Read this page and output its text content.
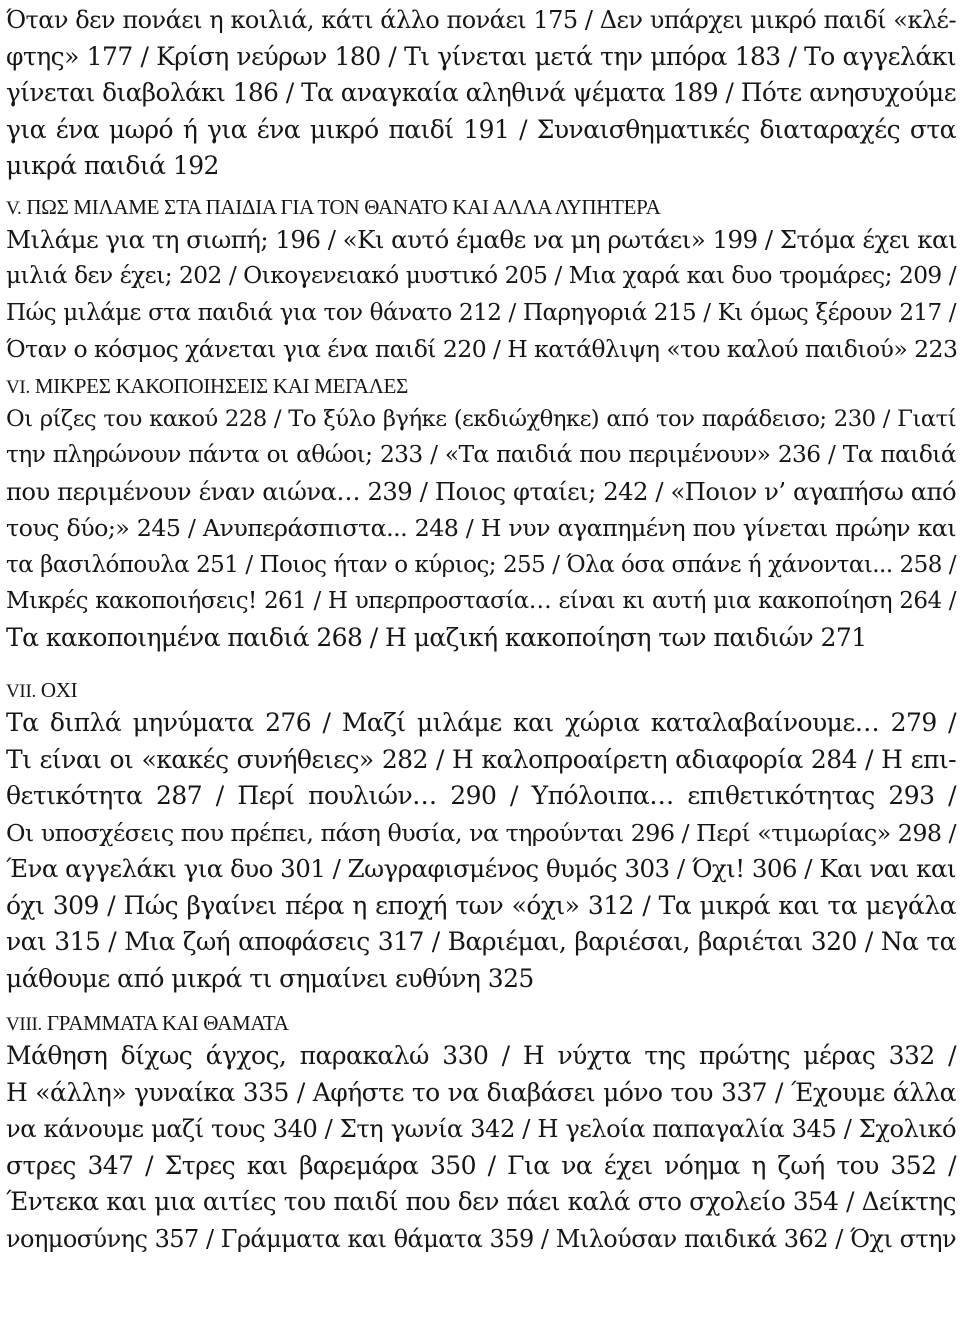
Όταν δεν πονάει η κοιλιά, κάτι άλλο πονάει 175 / Δεν υπάρχει μικρό παιδί «κλέ-
φτης» 177 / Κρίση νεύρων 180 / Τι γίνεται μετά την μπόρα 183 / Το αγγελάκι
γίνεται διαβολάκι 186 / Τα αναγκαία αληθινά ψέματα 189 / Πότε ανησυχούμε
για ένα μωρό ή για ένα μικρό παιδί 191 / Συναισθηματικές διαταραχές στα
μικρά παιδιά 192
V. ΠΩΣ ΜΙΛΑΜΕ ΣΤΑ ΠΑΙΔΙΑ ΓΙΑ ΤΟΝ ΘΑΝΑΤΟ ΚΑΙ ΑΛΛΑ ΛΥΠΗΤΕΡΑ
Μιλάμε για τη σιωπή; 196 / «Κι αυτό έμαθε να μη ρωτάει» 199 / Στόμα έχει και
μιλιά δεν έχει; 202 / Οικογενειακό μυστικό 205 / Μια χαρά και δυο τρομάρες; 209 /
Πώς μιλάμε στα παιδιά για τον θάνατο 212 / Παρηγοριά 215 / Κι όμως ξέρουν 217 /
Όταν ο κόσμος χάνεται για ένα παιδί 220 / Η κατάθλιψη «του καλού παιδιού» 223
VI. ΜΙΚΡΕΣ ΚΑΚΟΠΟΙΗΣΕΙΣ ΚΑΙ ΜΕΓΑΛΕΣ
Οι ρίζες του κακού 228 / Το ξύλο βγήκε (εκδιώχθηκε) από τον παράδεισο; 230 / Γιατί
την πληρώνουν πάντα οι αθώοι; 233 / «Τα παιδιά που περιμένουν» 236 / Τα παιδιά
που περιμένουν έναν αιώνα… 239 / Ποιος φταίει; 242 / «Ποιον ν’ αγαπήσω από
τους δύο;» 245 / Ανυπεράσπιστα... 248 / Η νυν αγαπημένη που γίνεται πρώην και
τα βασιλόπουλα 251 / Ποιος ήταν ο κύριος; 255 / Όλα όσα σπάνε ή χάνονται... 258 /
Μικρές κακοποιήσεις! 261 / Η υπερπροστασία… είναι κι αυτή μια κακοποίηση 264 /
Τα κακοποιημένα παιδιά 268 / Η μαζική κακοποίηση των παιδιών 271
VII. ΟΧΙ
Τα διπλά μηνύματα 276 / Μαζί μιλάμε και χώρια καταλαβαίνουμε… 279 /
Τι είναι οι «κακές συνήθειες» 282 / Η καλοπροαίρετη αδιαφορία 284 / Η επι-
θετικότητα 287 / Περί πουλιών… 290 / Υπόλοιπα… επιθετικότητας 293 /
Οι υποσχέσεις που πρέπει, πάση θυσία, να τηρούνται 296 / Περί «τιμωρίας» 298 /
Ένα αγγελάκι για δυο 301 / Ζωγραφισμένος θυμός 303 / Όχι! 306 / Και ναι και
όχι 309 / Πώς βγαίνει πέρα η εποχή των «όχι» 312 / Τα μικρά και τα μεγάλα
ναι 315 / Μια ζωή αποφάσεις 317 / Βαριέμαι, βαριέσαι, βαριέται 320 / Να τα
μάθουμε από μικρά τι σημαίνει ευθύνη 325
VIII. ΓΡΑΜΜΑΤΑ ΚΑΙ ΘΑΜΑΤΑ
Μάθηση δίχως άγχος, παρακαλώ 330 / Η νύχτα της πρώτης μέρας 332 /
Η «άλλη» γυναίκα 335 / Αφήστε το να διαβάσει μόνο του 337 / Έχουμε άλλα
να κάνουμε μαζί τους 340 / Στη γωνία 342 / Η γελοία παπαγαλία 345 / Σχολικό
στρες 347 / Στρες και βαρεμάρα 350 / Για να έχει νόημα η ζωή του 352 /
Έντεκα και μια αιτίες του παιδί που δεν πάει καλά στο σχολείο 354 / Δείκτης
νοημοσύνης 357 / Γράμματα και θάματα 359 / Μιλούσαν παιδικά 362 / Όχι στην
